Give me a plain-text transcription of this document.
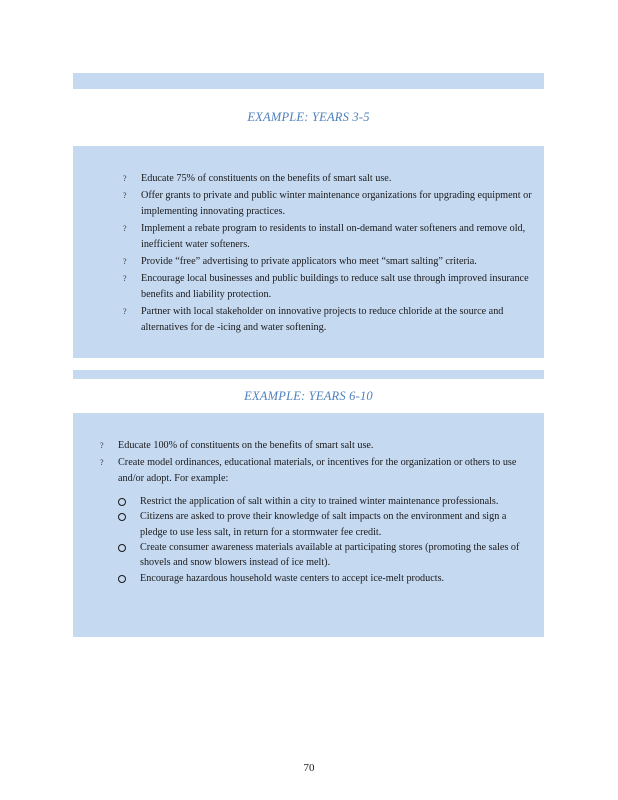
EXAMPLE: YEARS 3-5
? Educate 75% of constituents on the benefits of smart salt use.
? Offer grants to private and public winter maintenance organizations for upgrading equipment or implementing innovating practices.
? Implement a rebate program to residents to install on-demand water softeners and remove old, inefficient water softeners.
? Provide “free” advertising to private applicators who meet “smart salting” criteria.
? Encourage local businesses and public buildings to reduce salt use through improved insurance benefits and liability protection.
? Partner with local stakeholder on innovative projects to reduce chloride at the source and alternatives for de -icing and water softening.
EXAMPLE: YEARS 6-10
? Educate 100% of constituents on the benefits of smart salt use.
? Create model ordinances, educational materials, or incentives for the organization or others to use and/or adopt. For example:
Restrict the application of salt within a city to trained winter maintenance professionals.
Citizens are asked to prove their knowledge of salt impacts on the environment and sign a pledge to use less salt, in return for a stormwater fee credit.
Create consumer awareness materials available at participating stores (promoting the sales of shovels and snow blowers instead of ice melt).
Encourage hazardous household waste centers to accept ice-melt products.
70
